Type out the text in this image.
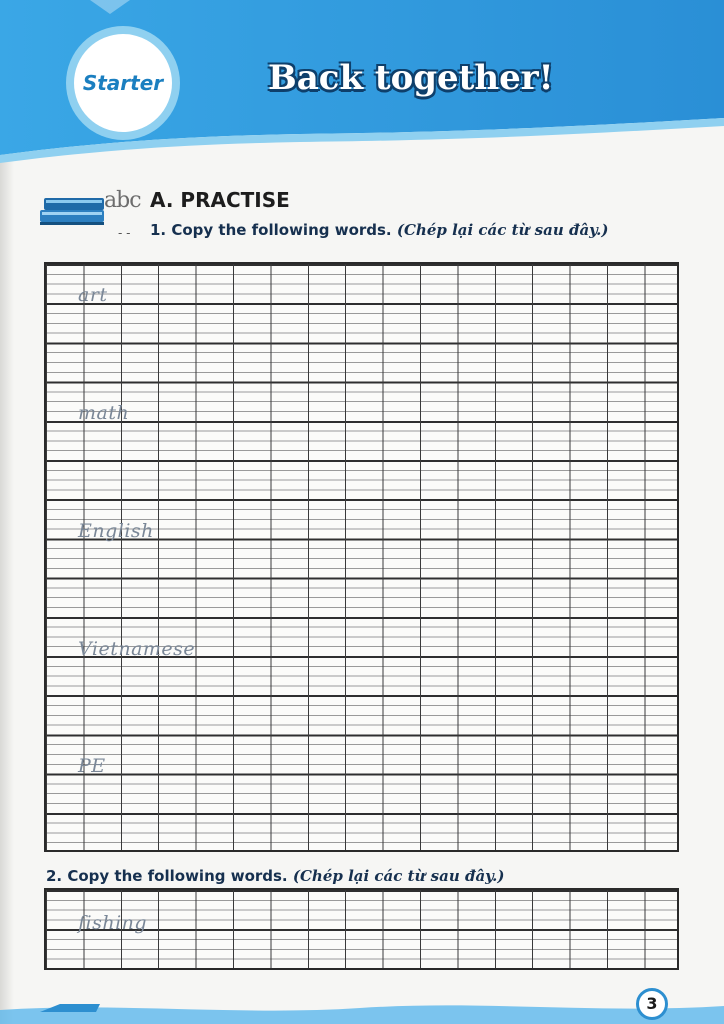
Starter	Back together!
abc A. PRACTISE
- - 1. Copy the following words. (Chép lại các từ sau đây.)
art
math
English
Vietnamese
PE
2. Copy the following words. (Chép lại các từ sau đây.)
fishing
3
